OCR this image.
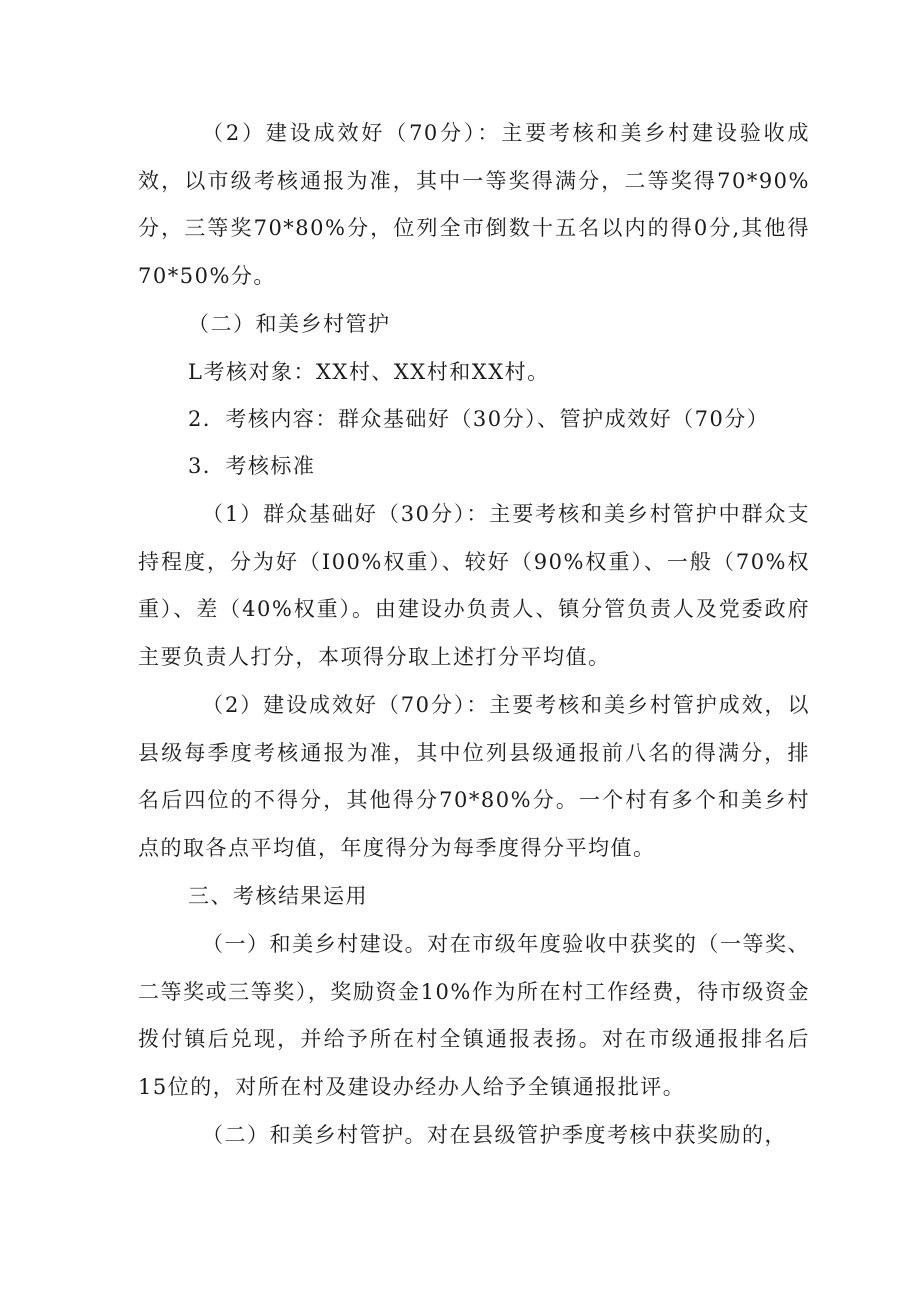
（2）建设成效好（70分）：主要考核和美乡村建设验收成效，以市级考核通报为准，其中一等奖得满分，二等奖得70*90%分，三等奖70*80%分，位列全市倒数十五名以内的得0分,其他得70*50%分。

（二）和美乡村管护

L考核对象：XX村、XX村和XX村。

2．考核内容：群众基础好（30分）、管护成效好（70分）

3．考核标准

（1）群众基础好（30分）：主要考核和美乡村管护中群众支持程度，分为好（I00%权重）、较好（90%权重）、一般（70%权重）、差（40%权重）。由建设办负责人、镇分管负责人及党委政府主要负责人打分，本项得分取上述打分平均值。

（2）建设成效好（70分）：主要考核和美乡村管护成效，以县级每季度考核通报为准，其中位列县级通报前八名的得满分，排名后四位的不得分，其他得分70*80%分。一个村有多个和美乡村点的取各点平均值，年度得分为每季度得分平均值。

三、考核结果运用

（一）和美乡村建设。对在市级年度验收中获奖的（一等奖、二等奖或三等奖），奖励资金10%作为所在村工作经费，待市级资金拨付镇后兑现，并给予所在村全镇通报表扬。对在市级通报排名后15位的，对所在村及建设办经办人给予全镇通报批评。

（二）和美乡村管护。对在县级管护季度考核中获奖励的，
